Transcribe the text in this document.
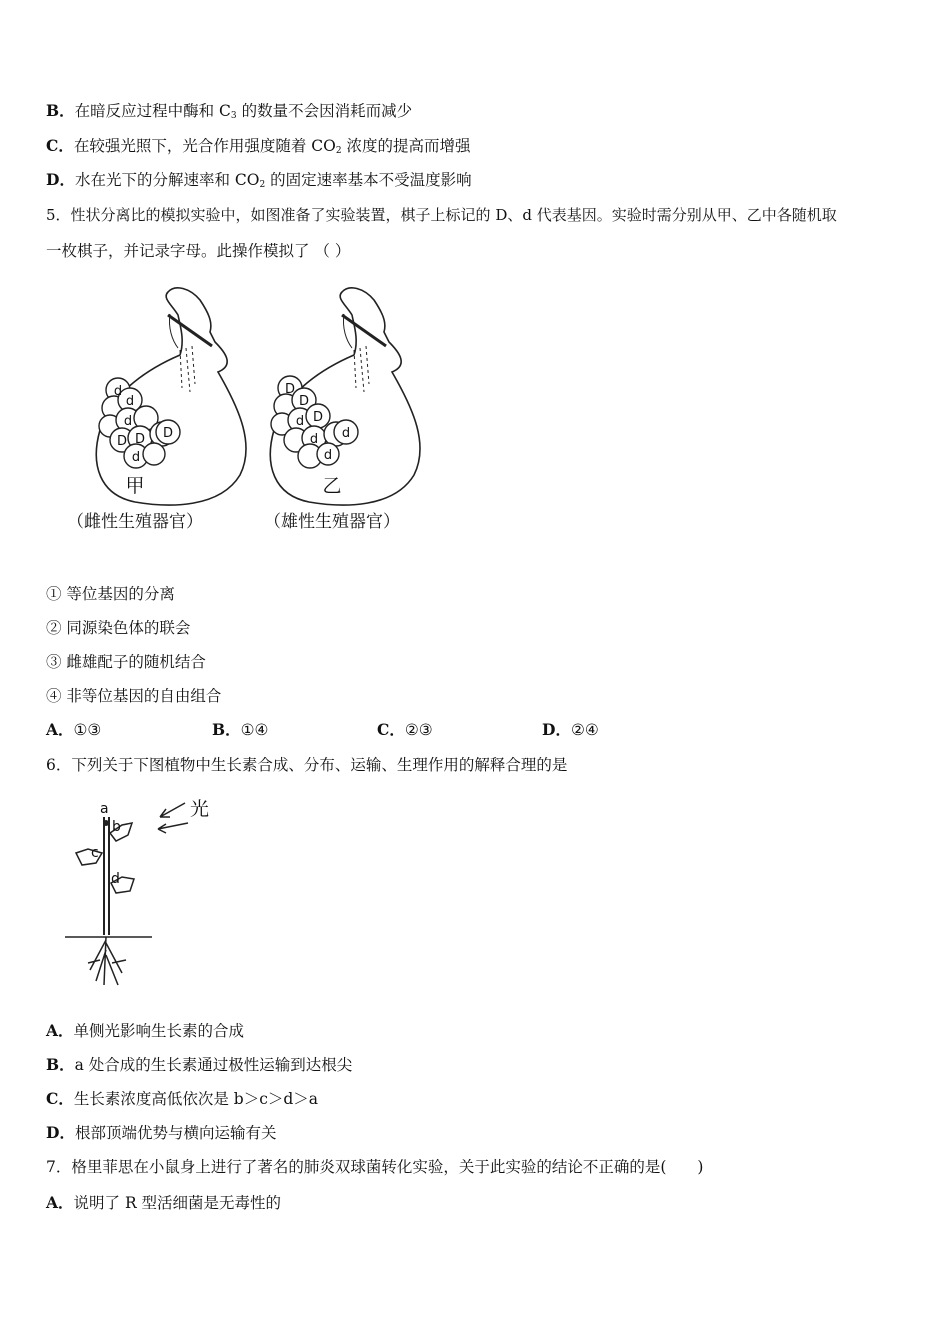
B．在暗反应过程中酶和 $C_3$ 的数量不会因消耗而减少
C．在较强光照下，光合作用强度随着 $CO_2$ 浓度的提高而增强
D．水在光下的分解速率和 $CO_2$ 的固定速率基本不受温度影响
5．性状分离比的模拟实验中，如图准备了实验装置，棋子上标记的 D、d 代表基因。实验时需分别从甲、乙中各随机取
一枚棋子，并记录字母。此操作模拟了 （ ）
d
d
d
D D D
d
甲
（雌性生殖器官）
D
D
d D
d d
d
乙
（雄性生殖器官）
① 等位基因的分离
② 同源染色体的联会
③ 雌雄配子的随机结合
④ 非等位基因的自由组合
A．①③	B．①④	C．②③	D．②④
6．下列关于下图植物中生长素合成、分布、运输、生理作用的解释合理的是
a
b
c
d
光
A．单侧光影响生长素的合成
B．a 处合成的生长素通过极性运输到达根尖
C．生长素浓度高低依次是 b＞c＞d＞a
D．根部顶端优势与横向运输有关
7．格里菲思在小鼠身上进行了著名的肺炎双球菌转化实验，关于此实验的结论不正确的是(　　)
A．说明了 R 型活细菌是无毒性的
